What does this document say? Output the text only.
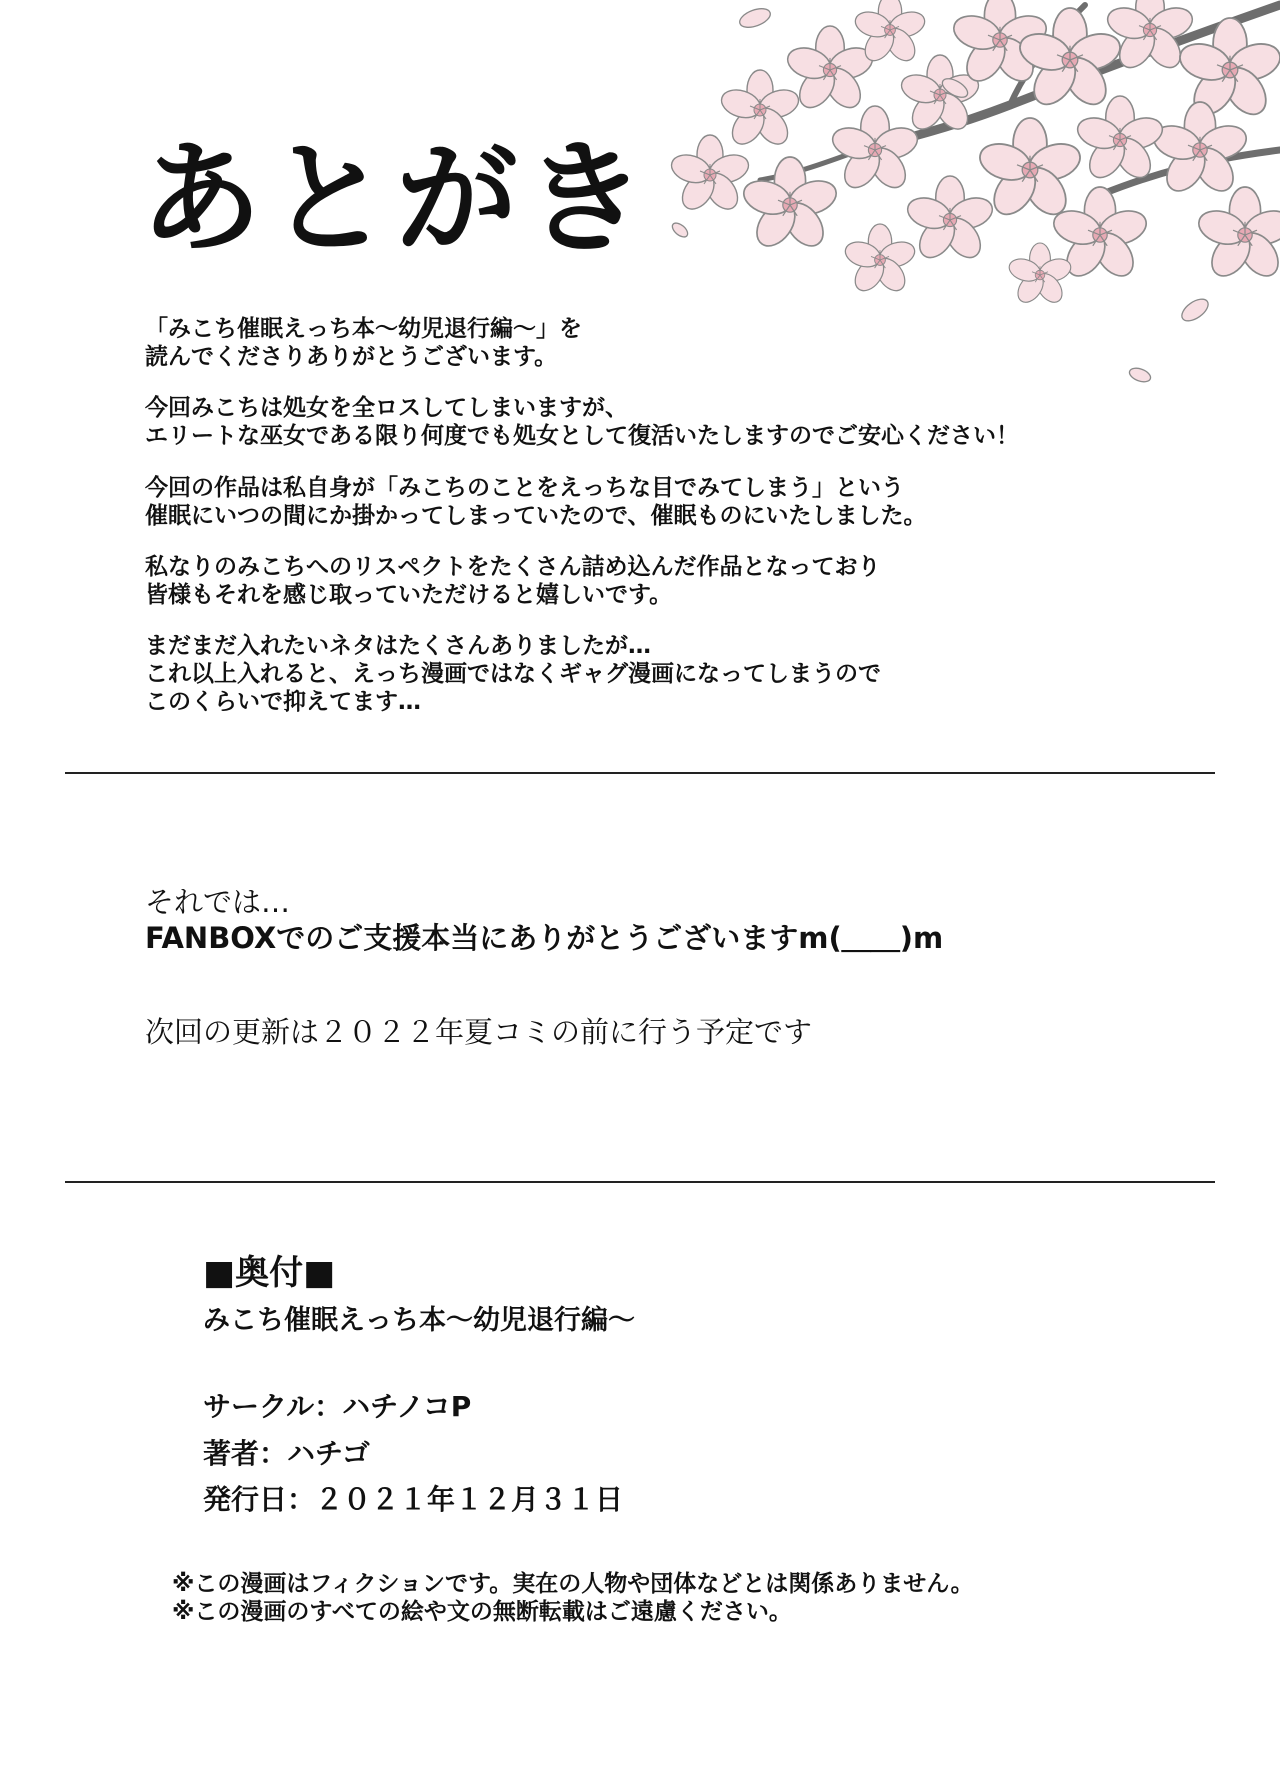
あとがき
「みこち催眠えっち本〜幼児退行編〜」を
読んでくださりありがとうございます。
今回みこちは処女を全ロスしてしまいますが、
エリートな巫女である限り何度でも処女として復活いたしますのでご安心ください！
今回の作品は私自身が「みこちのことをえっちな目でみてしまう」という
催眠にいつの間にか掛かってしまっていたので、催眠ものにいたしました。
私なりのみこちへのリスペクトをたくさん詰め込んだ作品となっており
皆様もそれを感じ取っていただけると嬉しいです。
まだまだ入れたいネタはたくさんありましたが…
これ以上入れると、えっち漫画ではなくギャグ漫画になってしまうので
このくらいで抑えてます…
それでは…
FANBOXでのご支援本当にありがとうございますm(＿＿)m
次回の更新は２０２２年夏コミの前に行う予定です
■奥付■
みこち催眠えっち本〜幼児退行編〜
サークル：ハチノコP
著者：ハチゴ
発行日：２０２１年１２月３１日
※この漫画はフィクションです。実在の人物や団体などとは関係ありません。
※この漫画のすべての絵や文の無断転載はご遠慮ください。
